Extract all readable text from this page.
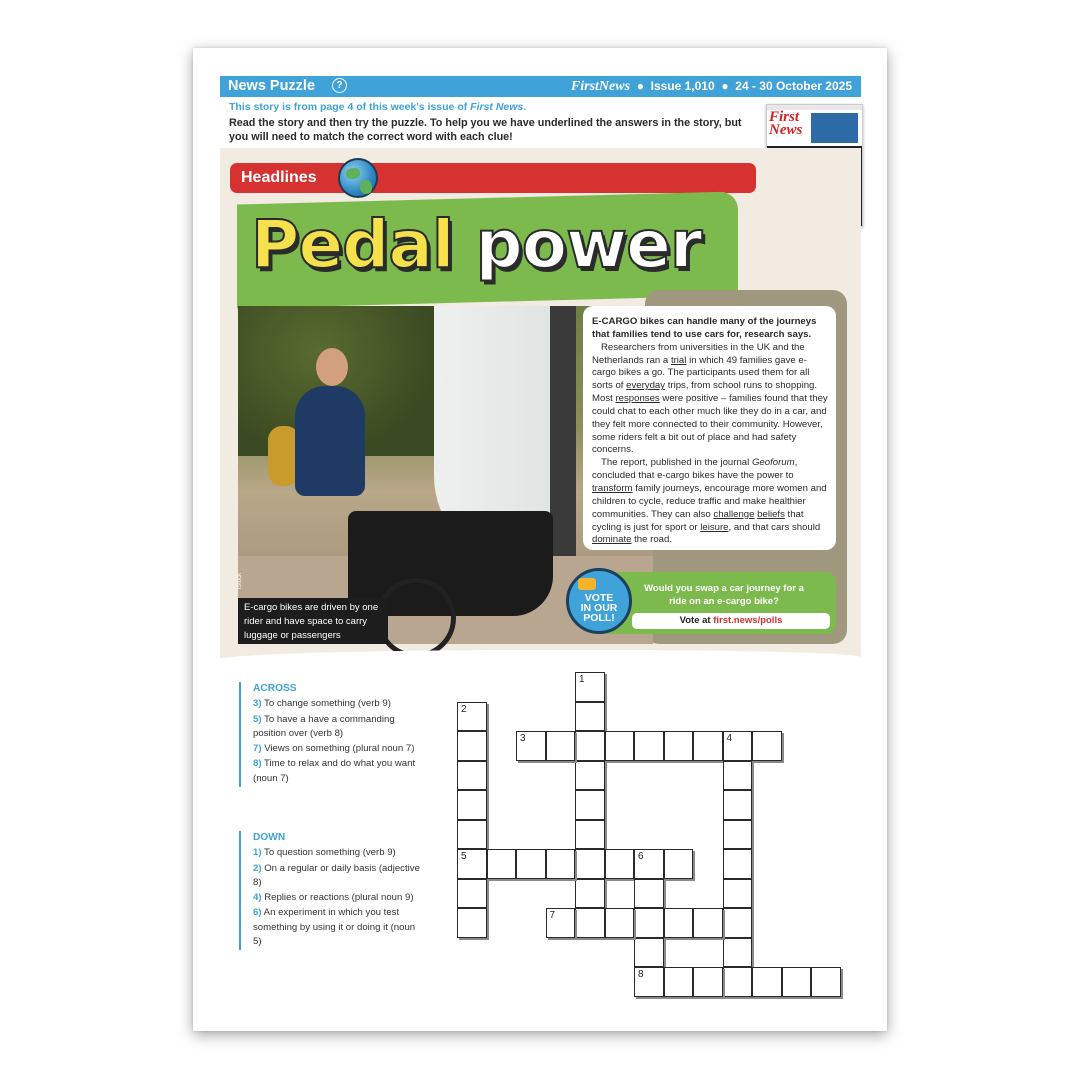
News Puzzle	?	FirstNews ● Issue 1,010 ● 24 - 30 October 2025
This story is from page 4 of this week's issue of First News.
Read the story and then try the puzzle. To help you we have underlined the answers in the story, but you will need to match the correct word with each clue!
First
News

Headlines
Pedal power
iStock
E-cargo bikes are driven by one rider and have space to carry luggage or passengers

E-CARGO bikes can handle many of the journeys that families tend to use cars for, research says.

Researchers from universities in the UK and the Netherlands ran a trial in which 49 families gave e-cargo bikes a go. The participants used them for all sorts of everyday trips, from school runs to shopping. Most responses were positive – families found that they could chat to each other much like they do in a car, and they felt more connected to their community. However, some riders felt a bit out of place and had safety concerns.

The report, published in the journal Geoforum, concluded that e-cargo bikes have the power to transform family journeys, encourage more women and children to cycle, reduce traffic and make healthier communities. They can also challenge beliefs that cycling is just for sport or leisure, and that cars should dominate the road.

Would you swap a car journey for a ride on an e-cargo bike?
Vote at first.news/polls
VOTE
IN OUR
POLL!
ACROSS
3) To change something (verb 9)
5) To have a have a commanding position over (verb 8)
7) Views on something (plural noun 7)
8) Time to relax and do what you want (noun 7)
DOWN
1) To question something (verb 9)
2) On a regular or daily basis (adjective 8)
4) Replies or reactions (plural noun 9)
6) An experiment in which you test something by using it or doing it (noun 5)
1
2
5
3	4
6
8
7
